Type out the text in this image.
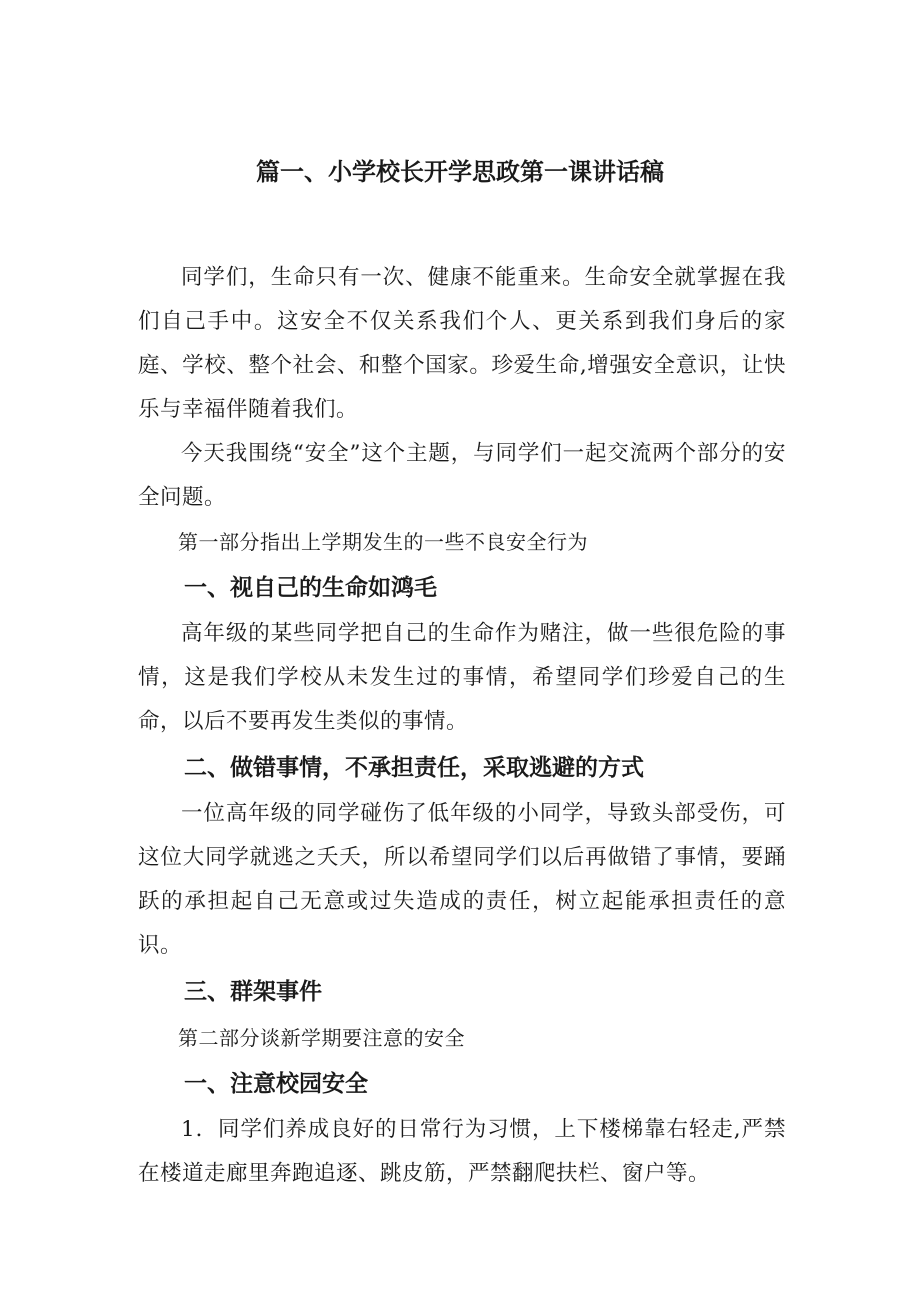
篇一、小学校长开学思政第一课讲话稿

同学们，生命只有一次、健康不能重来。生命安全就掌握在我们自己手中。这安全不仅关系我们个人、更关系到我们身后的家庭、学校、整个社会、和整个国家。珍爱生命,增强安全意识，让快乐与幸福伴随着我们。

今天我围绕“安全”这个主题，与同学们一起交流两个部分的安全问题。

第一部分指出上学期发生的一些不良安全行为

一、视自己的生命如鸿毛

高年级的某些同学把自己的生命作为赌注，做一些很危险的事情，这是我们学校从未发生过的事情，希望同学们珍爱自己的生命，以后不要再发生类似的事情。

二、做错事情，不承担责任，采取逃避的方式

一位高年级的同学碰伤了低年级的小同学，导致头部受伤，可这位大同学就逃之夭夭，所以希望同学们以后再做错了事情，要踊跃的承担起自己无意或过失造成的责任，树立起能承担责任的意识。

三、群架事件

第二部分谈新学期要注意的安全

一、注意校园安全

1．同学们养成良好的日常行为习惯，上下楼梯靠右轻走,严禁在楼道走廊里奔跑追逐、跳皮筋，严禁翻爬扶栏、窗户等。
